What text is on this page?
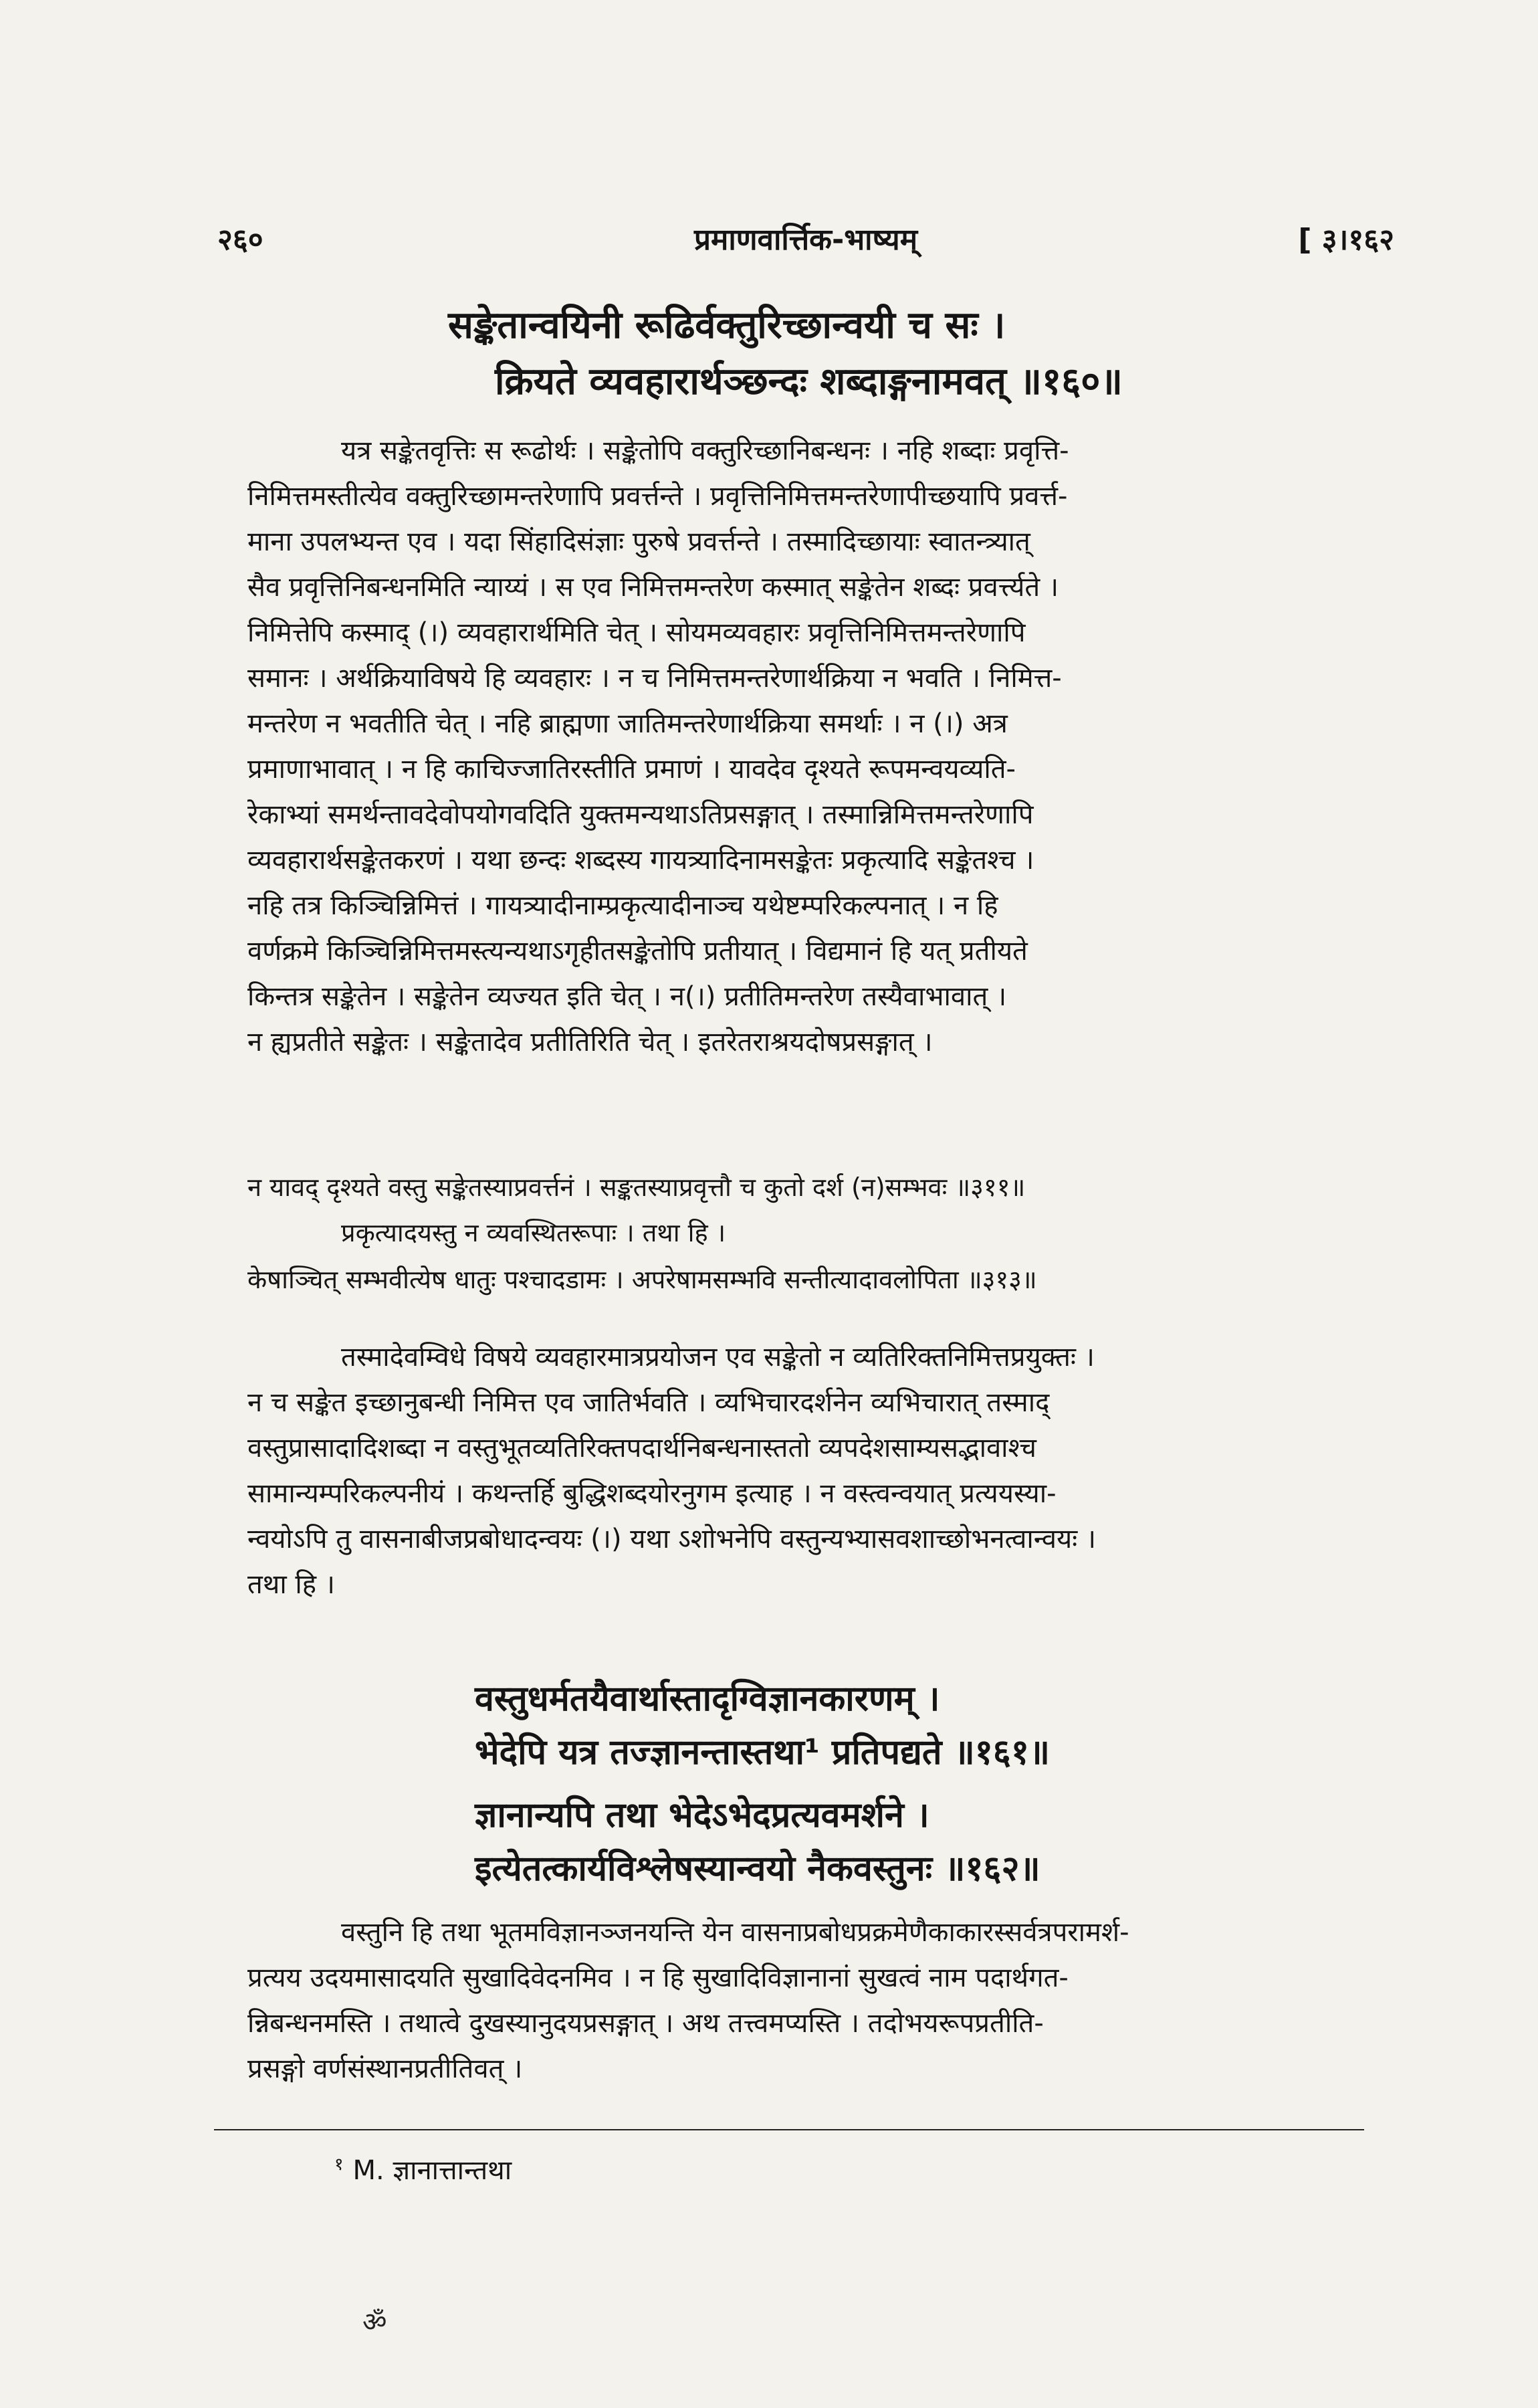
२६०	प्रमाणवार्त्तिक-भाष्यम्	[ ३।१६२
सङ्केतान्वयिनी रूढिर्वक्तुरिच्छान्वयी च सः ।
क्रियते व्यवहारार्थञ्छन्दः शब्दाङ्गनामवत् ॥१६०॥
यत्र सङ्केतवृत्तिः स रूढोर्थः । सङ्केतोपि वक्तुरिच्छानिबन्धनः । नहि शब्दाः प्रवृत्ति-
निमित्तमस्तीत्येव वक्तुरिच्छामन्तरेणापि प्रवर्त्तन्ते । प्रवृत्तिनिमित्तमन्तरेणापीच्छयापि प्रवर्त्त-
माना उपलभ्यन्त एव । यदा सिंहादिसंज्ञाः पुरुषे प्रवर्त्तन्ते । तस्मादिच्छायाः स्वातन्त्र्यात्
सैव प्रवृत्तिनिबन्धनमिति न्याय्यं । स एव निमित्तमन्तरेण कस्मात् सङ्केतेन शब्दः प्रवर्त्त्यते ।
निमित्तेपि कस्माद् (।) व्यवहारार्थमिति चेत् । सोयमव्यवहारः प्रवृत्तिनिमित्तमन्तरेणापि
समानः । अर्थक्रियाविषये हि व्यवहारः । न च निमित्तमन्तरेणार्थक्रिया न भवति । निमित्त-
मन्तरेण न भवतीति चेत् । नहि ब्राह्मणा जातिमन्तरेणार्थक्रिया समर्थाः । न (।) अत्र
प्रमाणाभावात् । न हि काचिज्जातिरस्तीति प्रमाणं । यावदेव दृश्यते रूपमन्वयव्यति-
रेकाभ्यां समर्थन्तावदेवोपयोगवदिति युक्तमन्यथाऽतिप्रसङ्गात् । तस्मान्निमित्तमन्तरेणापि
व्यवहारार्थसङ्केतकरणं । यथा छन्दः शब्दस्य गायत्र्यादिनामसङ्केतः प्रकृत्यादि सङ्केतश्च ।
नहि तत्र किञ्चिन्निमित्तं । गायत्र्यादीनाम्प्रकृत्यादीनाञ्च यथेष्टम्परिकल्पनात् । न हि
वर्णक्रमे किञ्चिन्निमित्तमस्त्यन्यथाऽगृहीतसङ्केतोपि प्रतीयात् । विद्यमानं हि यत् प्रतीयते
किन्तत्र सङ्केतेन । सङ्केतेन व्यज्यत इति चेत् । न(।) प्रतीतिमन्तरेण तस्यैवाभावात् ।
न ह्यप्रतीते सङ्केतः । सङ्केतादेव प्रतीतिरिति चेत् । इतरेतराश्रयदोषप्रसङ्गात् ।
न यावद् दृश्यते वस्तु सङ्केतस्याप्रवर्त्तनं । सङ्कतस्याप्रवृत्तौ च कुतो दर्श (न)सम्भवः ॥३११॥
प्रकृत्यादयस्तु न व्यवस्थितरूपाः । तथा हि ।
केषाञ्चित् सम्भवीत्येष धातुः पश्चादडामः । अपरेषामसम्भवि सन्तीत्यादावलोपिता ॥३१३॥
तस्मादेवम्विधे विषये व्यवहारमात्रप्रयोजन एव सङ्केतो न व्यतिरिक्तनिमित्तप्रयुक्तः ।
न च सङ्केत इच्छानुबन्धी निमित्त एव जातिर्भवति । व्यभिचारदर्शनेन व्यभिचारात् तस्माद्
वस्तुप्रासादादिशब्दा न वस्तुभूतव्यतिरिक्तपदार्थनिबन्धनास्ततो व्यपदेशसाम्यसद्भावाश्च
सामान्यम्परिकल्पनीयं । कथन्तर्हि बुद्धिशब्दयोरनुगम इत्याह । न वस्त्वन्वयात् प्रत्ययस्या-
न्वयोऽपि तु वासनाबीजप्रबोधादन्वयः (।) यथा ऽशोभनेपि वस्तुन्यभ्यासवशाच्छोभनत्वान्वयः ।
तथा हि ।
वस्तुधर्मतयैवार्थास्तादृग्विज्ञानकारणम् ।
भेदेपि यत्र तज्ज्ञानन्तास्तथा¹ प्रतिपद्यते ॥१६१॥
ज्ञानान्यपि तथा भेदेऽभेदप्रत्यवमर्शने ।
इत्येतत्कार्यविश्लेषस्यान्वयो नैकवस्तुनः ॥१६२॥
वस्तुनि हि तथा भूतमविज्ञानञ्जनयन्ति येन वासनाप्रबोधप्रक्रमेणैकाकारस्सर्वत्रपरामर्श-
प्रत्यय उदयमासादयति सुखादिवेदनमिव । न हि सुखादिविज्ञानानां सुखत्वं नाम पदार्थगत-
न्निबन्धनमस्ति । तथात्वे दुखस्यानुदयप्रसङ्गात् । अथ तत्त्वमप्यस्ति । तदोभयरूपप्रतीति-
प्रसङ्गो वर्णसंस्थानप्रतीतिवत् ।
$^१$ M. ज्ञानात्तान्तथा
ॐ
